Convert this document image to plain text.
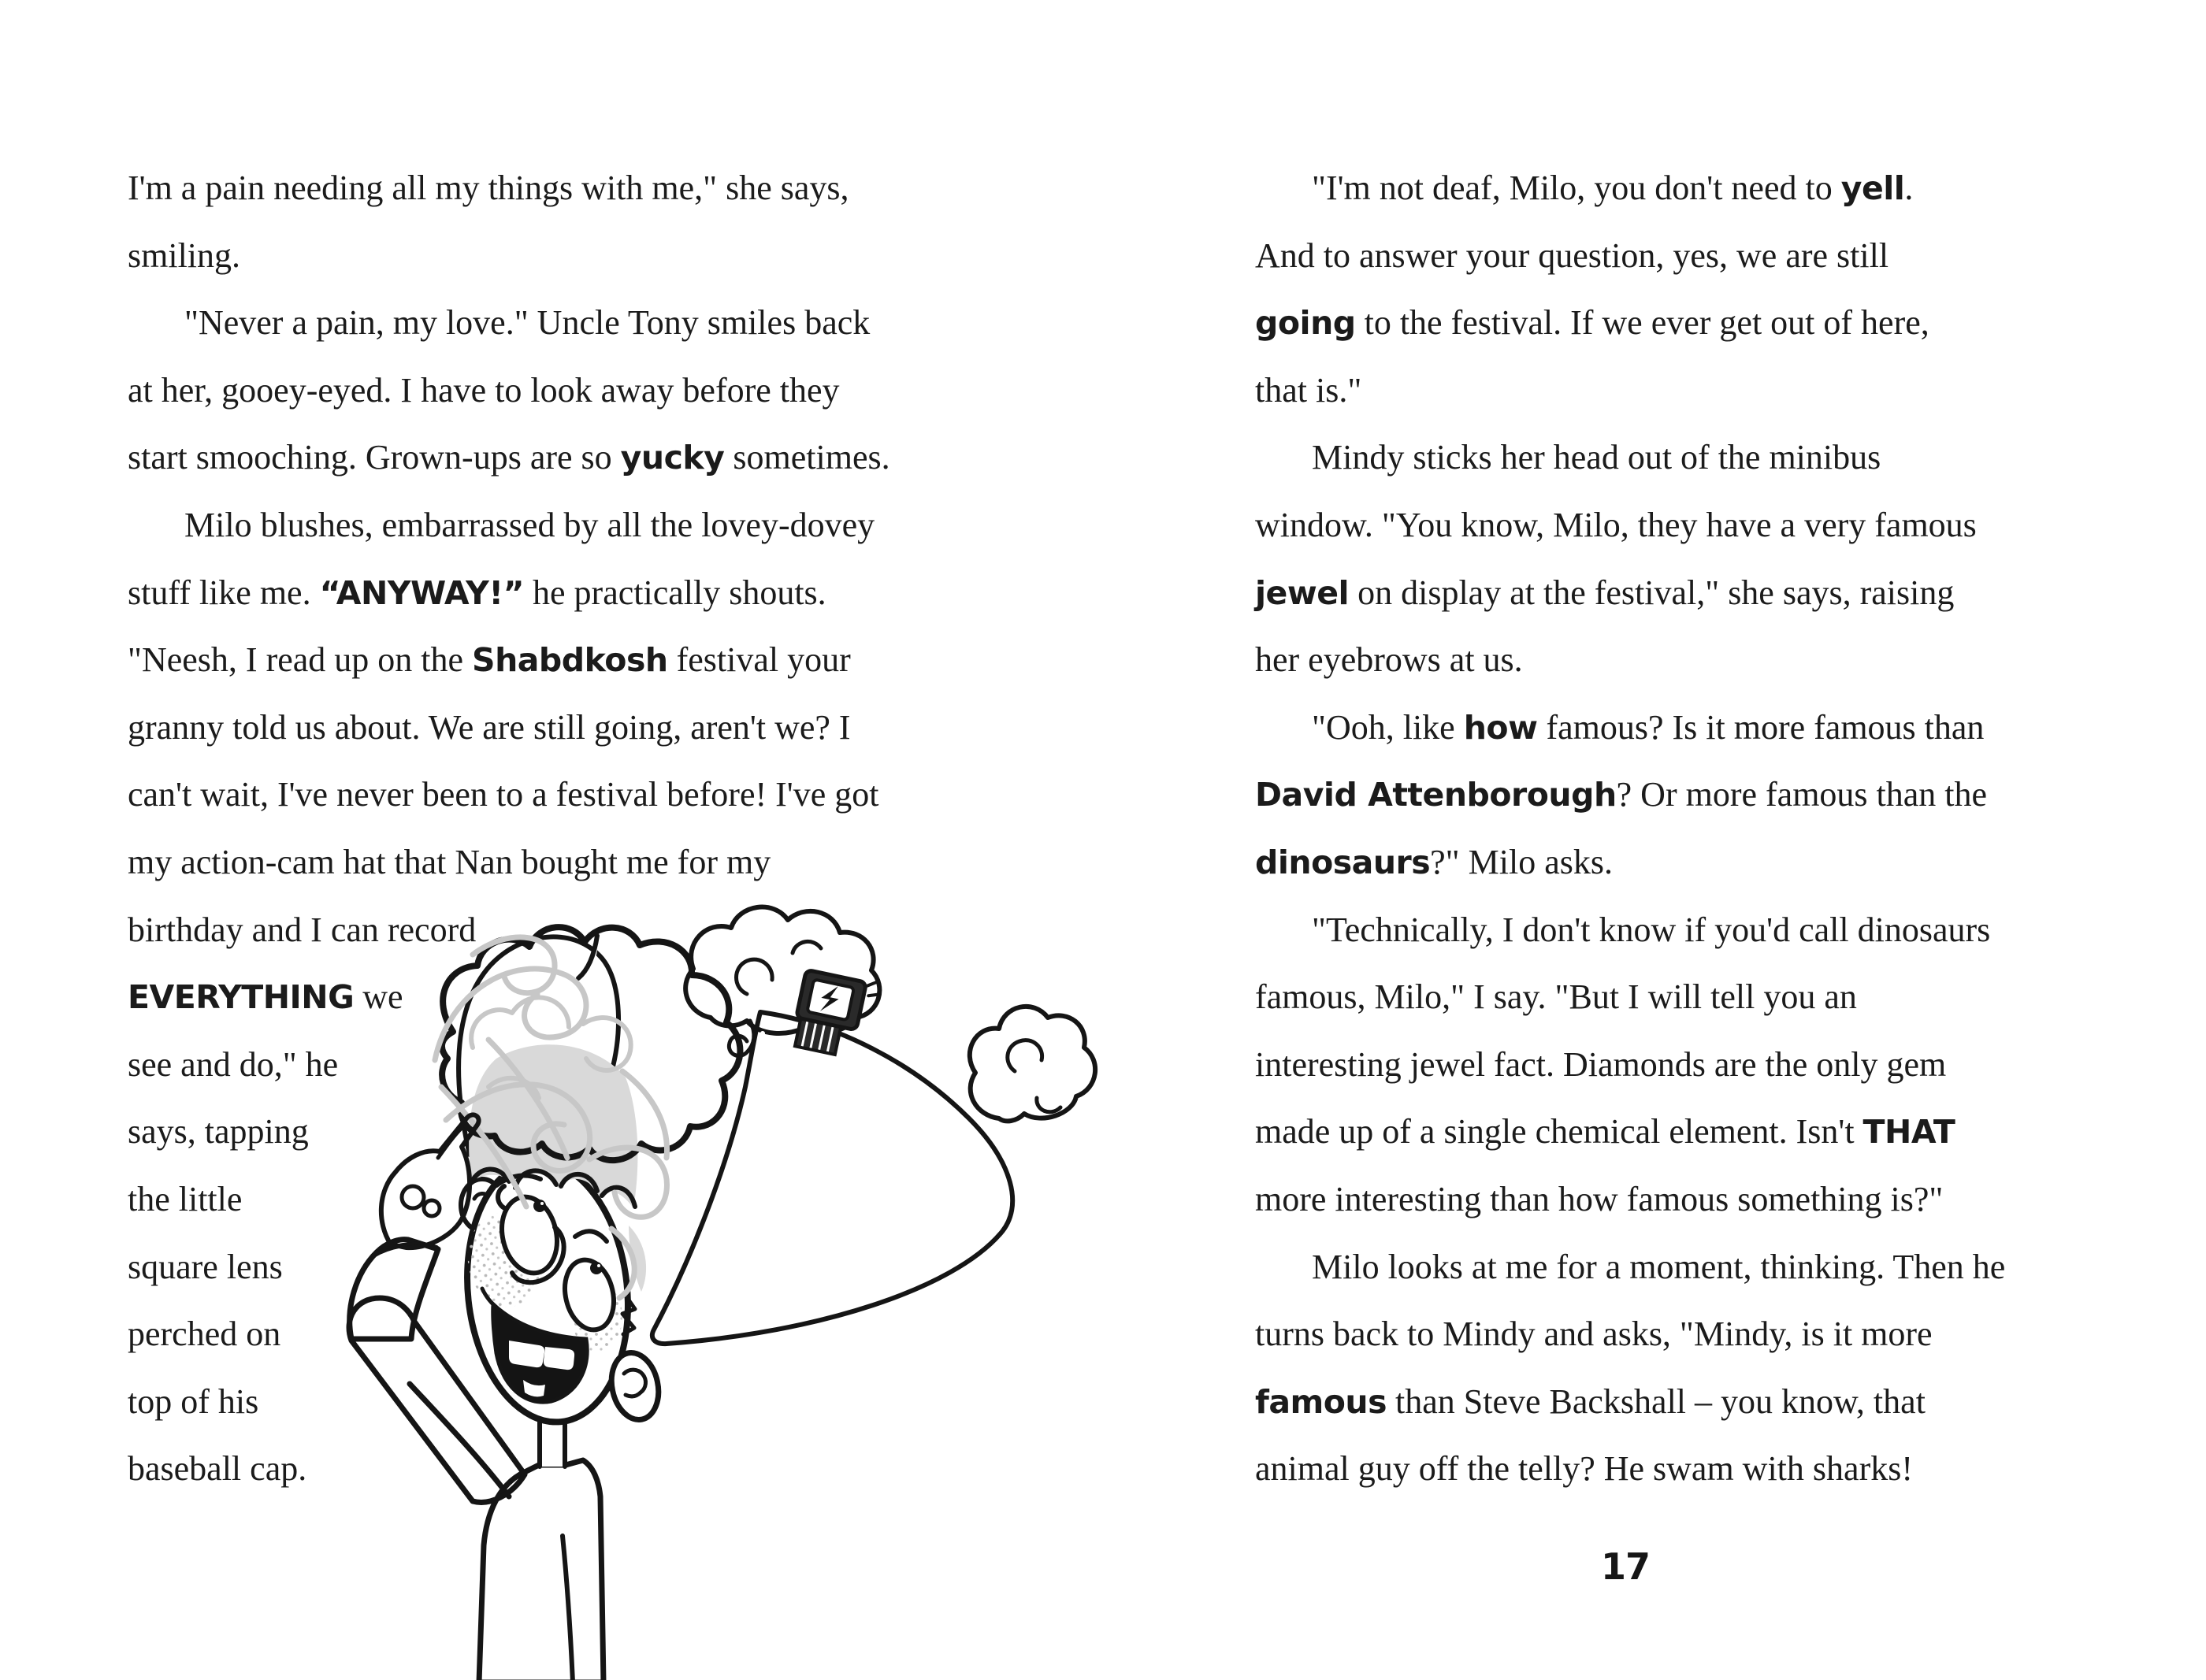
I'm a pain needing all my things with me," she says,
smiling.
"Never a pain, my love." Uncle Tony smiles back
at her, gooey-eyed. I have to look away before they
start smooching. Grown-ups are so yucky sometimes.
Milo blushes, embarrassed by all the lovey-dovey
stuff like me. “ANYWAY!” he practically shouts.
"Neesh, I read up on the Shabdkosh festival your
granny told us about. We are still going, aren't we? I
can't wait, I've never been to a festival before! I've got
my action-cam hat that Nan bought me for my
birthday and I can record
EVERYTHING we
see and do," he
says, tapping
the little
square lens
perched on
top of his
baseball cap.
"I'm not deaf, Milo, you don't need to yell.
And to answer your question, yes, we are still
going to the festival. If we ever get out of here,
that is."
Mindy sticks her head out of the minibus
window. "You know, Milo, they have a very famous
jewel on display at the festival," she says, raising
her eyebrows at us.
"Ooh, like how famous? Is it more famous than
David Attenborough? Or more famous than the
dinosaurs?" Milo asks.
"Technically, I don't know if you'd call dinosaurs
famous, Milo," I say. "But I will tell you an
interesting jewel fact. Diamonds are the only gem
made up of a single chemical element. Isn't THAT
more interesting than how famous something is?"
Milo looks at me for a moment, thinking. Then he
turns back to Mindy and asks, "Mindy, is it more
famous than Steve Backshall – you know, that
animal guy off the telly? He swam with sharks!
17
